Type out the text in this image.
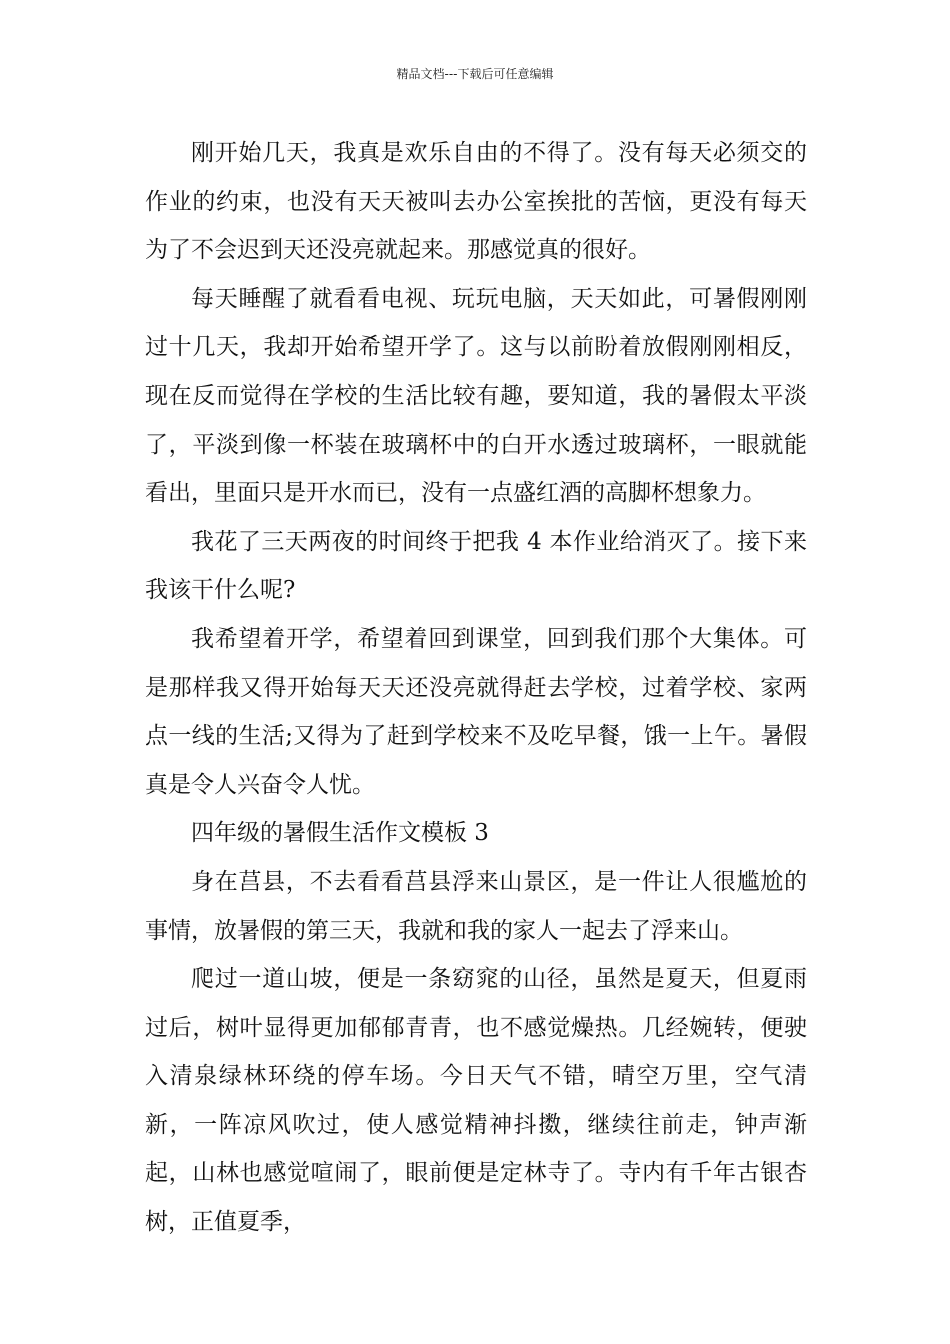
精品文档---下载后可任意编辑

刚开始几天，我真是欢乐自由的不得了。没有每天必须交的作业的约束，也没有天天被叫去办公室挨批的苦恼，更没有每天为了不会迟到天还没亮就起来。那感觉真的很好。

每天睡醒了就看看电视、玩玩电脑，天天如此，可暑假刚刚过十几天，我却开始希望开学了。这与以前盼着放假刚刚相反，现在反而觉得在学校的生活比较有趣，要知道，我的暑假太平淡了，平淡到像一杯装在玻璃杯中的白开水透过玻璃杯，一眼就能看出，里面只是开水而已，没有一点盛红酒的高脚杯想象力。

我花了三天两夜的时间终于把我 4 本作业给消灭了。接下来我该干什么呢?

我希望着开学，希望着回到课堂，回到我们那个大集体。可是那样我又得开始每天天还没亮就得赶去学校，过着学校、家两点一线的生活;又得为了赶到学校来不及吃早餐，饿一上午。暑假真是令人兴奋令人忧。

四年级的暑假生活作文模板 3

身在莒县，不去看看莒县浮来山景区，是一件让人很尴尬的事情，放暑假的第三天，我就和我的家人一起去了浮来山。

爬过一道山坡，便是一条窈窕的山径，虽然是夏天，但夏雨过后，树叶显得更加郁郁青青，也不感觉燥热。几经婉转，便驶入清泉绿林环绕的停车场。今日天气不错，晴空万里，空气清新，一阵凉风吹过，使人感觉精神抖擞，继续往前走，钟声渐起，山林也感觉喧闹了，眼前便是定林寺了。寺内有千年古银杏树，正值夏季，
